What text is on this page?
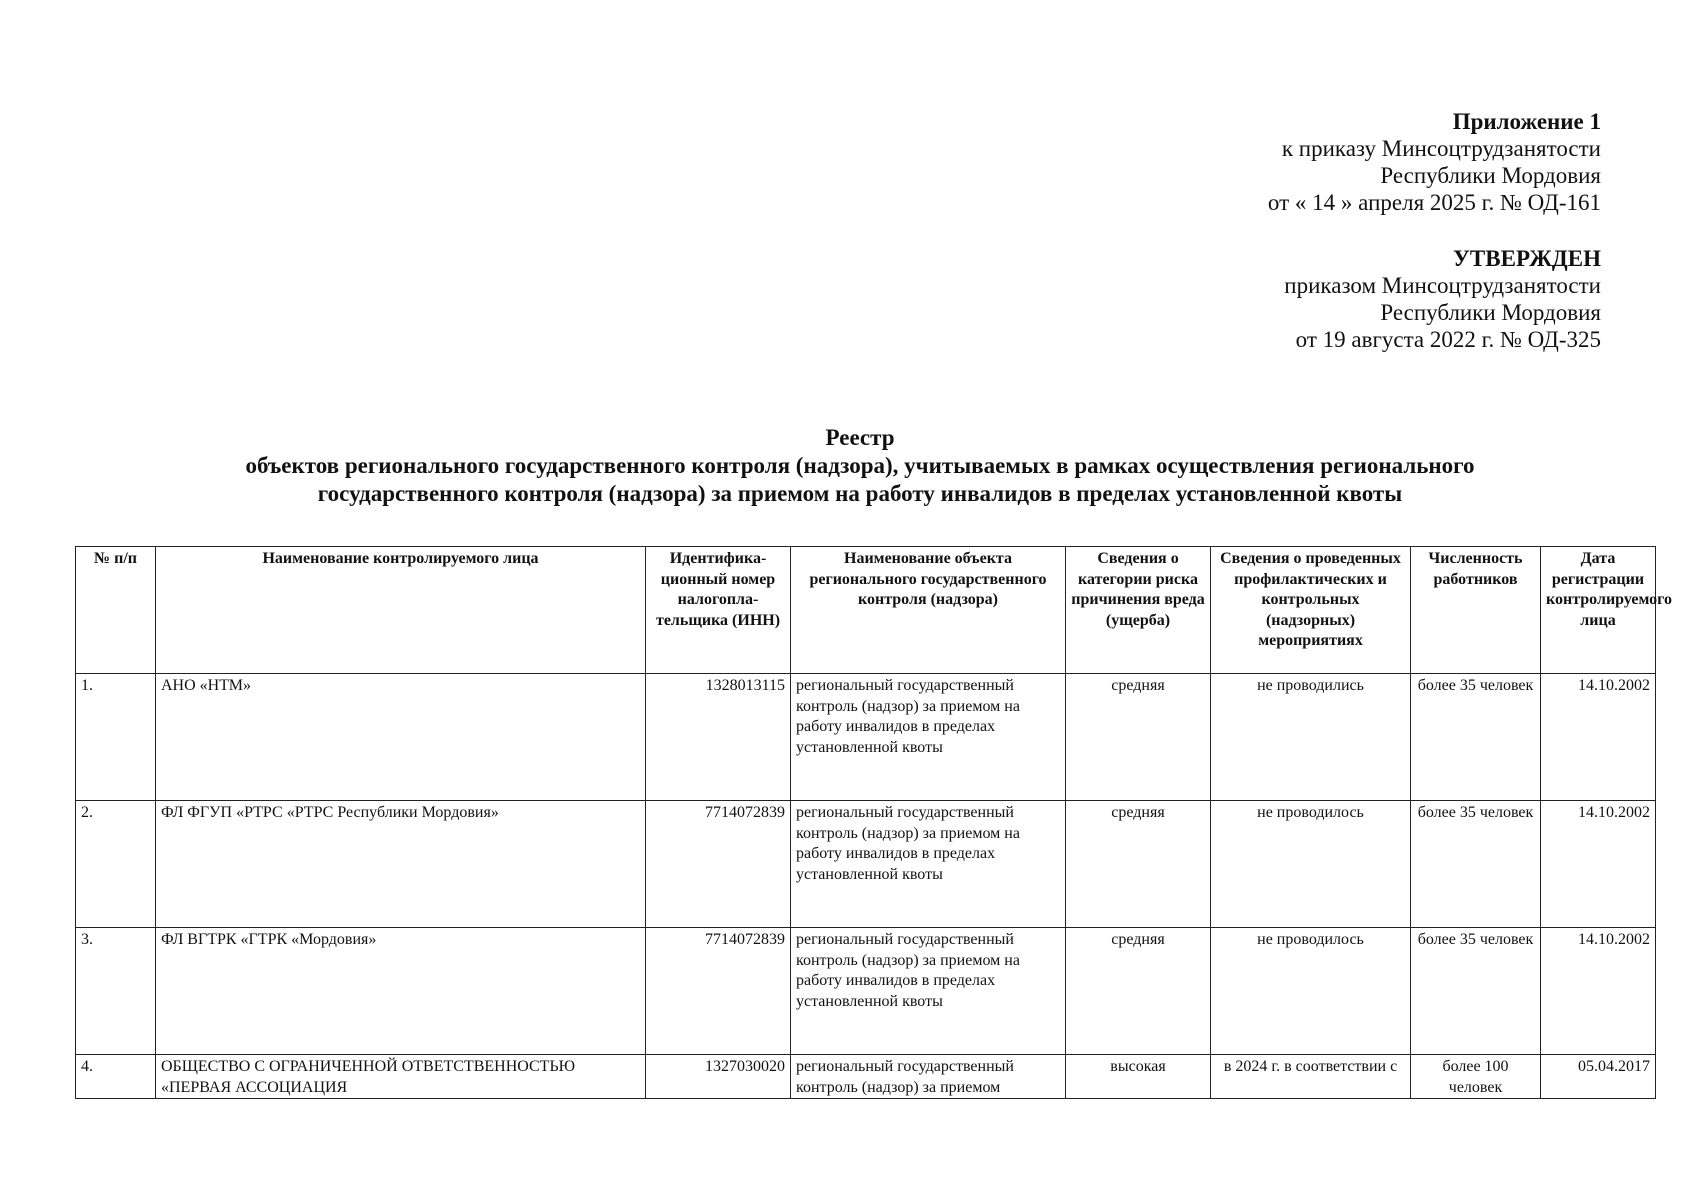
Приложение 1
к приказу Минсоцтрудзанятости
Республики Мордовия
от « 14 » апреля 2025 г. № ОД-161
УТВЕРЖДЕН
приказом Минсоцтрудзанятости
Республики Мордовия
от 19 августа 2022 г. № ОД-325
Реестр
объектов регионального государственного контроля (надзора), учитываемых в рамках осуществления регионального
государственного контроля (надзора) за приемом на работу инвалидов в пределах установленной квоты
№ п/п	Наименование контролируемого лица	Идентифика-ционный номер налогопла-тельщика (ИНН)	Наименование объекта регионального государственного контроля (надзора)	Сведения о категории риска причинения вреда (ущерба)	Сведения о проведенных профилактических и контрольных (надзорных) мероприятиях	Численность работников	Дата регистрации контролируемого лица
1.	АНО «НТМ»	1328013115	региональный государственный контроль (надзор) за приемом на работу инвалидов в пределах установленной квоты	средняя	не проводились	более 35 человек	14.10.2002
2.	ФЛ ФГУП «РТРС «РТРС Республики Мордовия»	7714072839	региональный государственный контроль (надзор) за приемом на работу инвалидов в пределах установленной квоты	средняя	не проводилось	более 35 человек	14.10.2002
3.	ФЛ ВГТРК «ГТРК «Мордовия»	7714072839	региональный государственный контроль (надзор) за приемом на работу инвалидов в пределах установленной квоты	средняя	не проводилось	более 35 человек	14.10.2002
4.	ОБЩЕСТВО С ОГРАНИЧЕННОЙ ОТВЕТСТВЕННОСТЬЮ «ПЕРВАЯ АССОЦИАЦИЯ	1327030020	региональный государственный контроль (надзор) за приемом	высокая	в 2024 г. в соответствии с	более 100 человек	05.04.2017
